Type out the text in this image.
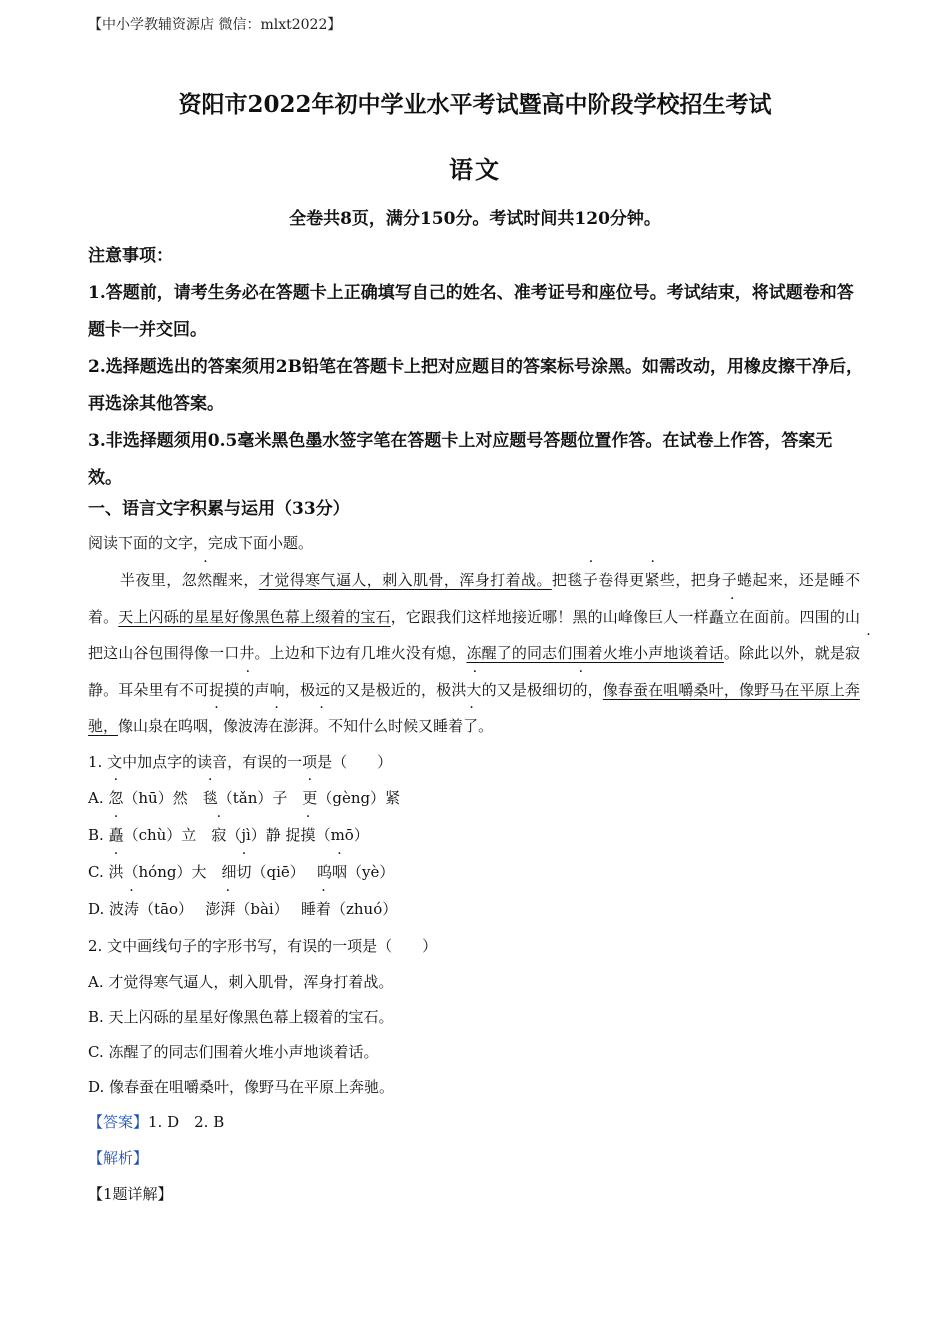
【中小学教辅资源店 微信：mlxt2022】
资阳市2022年初中学业水平考试暨高中阶段学校招生考试
语文
全卷共8页，满分150分。考试时间共120分钟。
注意事项：
1.答题前，请考生务必在答题卡上正确填写自己的姓名、准考证号和座位号。考试结束，将试题卷和答题卡一并交回。
2.选择题选出的答案须用2B铅笔在答题卡上把对应题目的答案标号涂黑。如需改动，用橡皮擦干净后，再选涂其他答案。
3.非选择题须用0.5毫米黑色墨水签字笔在答题卡上对应题号答题位置作答。在试卷上作答，答案无效。
一、语言文字积累与运用（33分）
阅读下面的文字，完成下面小题。

半夜里，忽然醒来，才觉得寒气逼人，刺入肌骨，浑身打着战。把毯子卷得更紧些，把身子蜷起来，还是睡不着。天上闪砾的星星好像黑色幕上缀着的宝石，它跟我们这样地接近哪！黑的山峰像巨人一样矗立在面前。四围的山把这山谷包围得像一口井。上边和下边有几堆火没有熄，冻醒了的同志们围着火堆小声地谈着话。除此以外，就是寂静。耳朵里有不可捉摸的声响，极远的又是极近的，极洪大的又是极细切的，像春蚕在咀嚼桑叶，像野马在平原上奔驰，像山泉在呜咽，像波涛在澎湃。不知什么时候又睡着了。

1. 文中加点字的读音，有误的一项是（　　）
A. 忽（hū）然　毯（tǎn）子　更（gèng）紧
B. 矗（chù）立　寂（jì）静 捉摸（mō）
C. 洪（hóng）大　细切（qiē）　 呜咽（yè）
D. 波涛（tāo）　 澎湃（bài）　 睡着（zhuó）
2. 文中画线句子的字形书写，有误的一项是（　　）
A. 才觉得寒气逼人，刺入肌骨，浑身打着战。
B. 天上闪砾的星星好像黑色幕上辍着的宝石。
C. 冻醒了的同志们围着火堆小声地谈着话。
D. 像春蚕在咀嚼桑叶，像野马在平原上奔驰。
【答案】1. D　2. B
【解析】
【1题详解】
